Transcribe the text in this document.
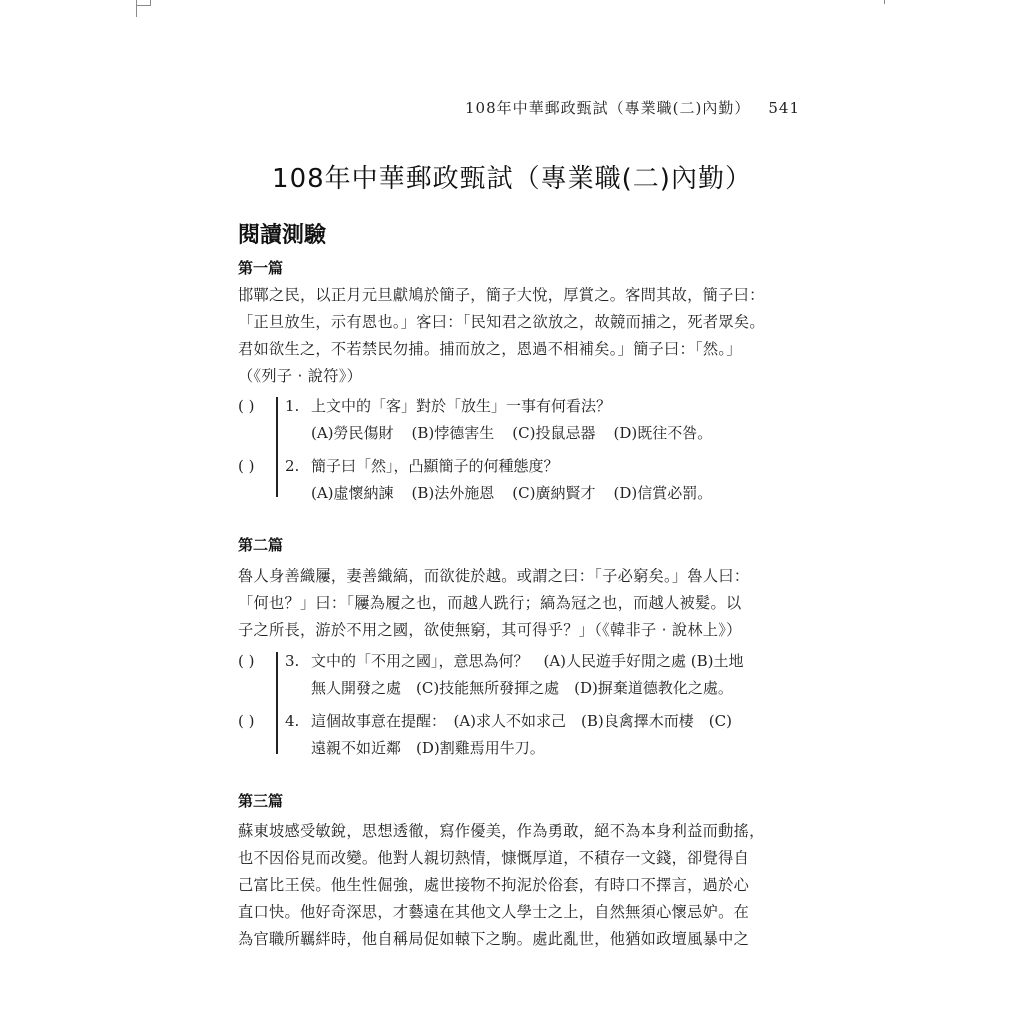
108年中華郵政甄試（專業職(二)內勤） 541
108年中華郵政甄試（專業職(二)內勤）
閱讀測驗
第一篇
邯鄲之民，以正月元旦獻鳩於簡子，簡子大悅，厚賞之。客問其故，簡子曰：
「正旦放生，示有恩也。」客曰：「民知君之欲放之，故競而捕之，死者眾矣。
君如欲生之，不若禁民勿捕。捕而放之，恩過不相補矣。」簡子曰：「然。」
（《列子 ‧ 說符》）
( ) 1. 上文中的「客」對於「放生」一事有何看法？
(A)勞民傷財 (B)悖德害生 (C)投鼠忌器 (D)既往不咎。
( ) 2. 簡子曰「然」，凸顯簡子的何種態度？
(A)虛懷納諫 (B)法外施恩 (C)廣納賢才 (D)信賞必罰。
第二篇
魯人身善織屨，妻善織縞，而欲徙於越。或謂之曰：「子必窮矣。」魯人曰：
「何也？」曰：「屨為履之也，而越人跣行；縞為冠之也，而越人被髮。以
子之所長，游於不用之國，欲使無窮，其可得乎？」（《韓非子 ‧ 說林上》）
( ) 3. 文中的「不用之國」，意思為何？　(A)人民遊手好閒之處 (B)土地
無人開發之處　(C)技能無所發揮之處　(D)摒棄道德教化之處。
( ) 4. 這個故事意在提醒：　(A)求人不如求己　(B)良禽擇木而棲　(C)
遠親不如近鄰　(D)割雞焉用牛刀。
第三篇
蘇東坡感受敏銳，思想透徹，寫作優美，作為勇敢，絕不為本身利益而動搖，
也不因俗見而改變。他對人親切熱情，慷慨厚道，不積存一文錢，卻覺得自
己富比王侯。他生性倔強，處世接物不拘泥於俗套，有時口不擇言，過於心
直口快。他好奇深思，才藝遠在其他文人學士之上，自然無須心懷忌妒。在
為官職所羈絆時，他自稱局促如轅下之駒。處此亂世，他猶如政壇風暴中之
